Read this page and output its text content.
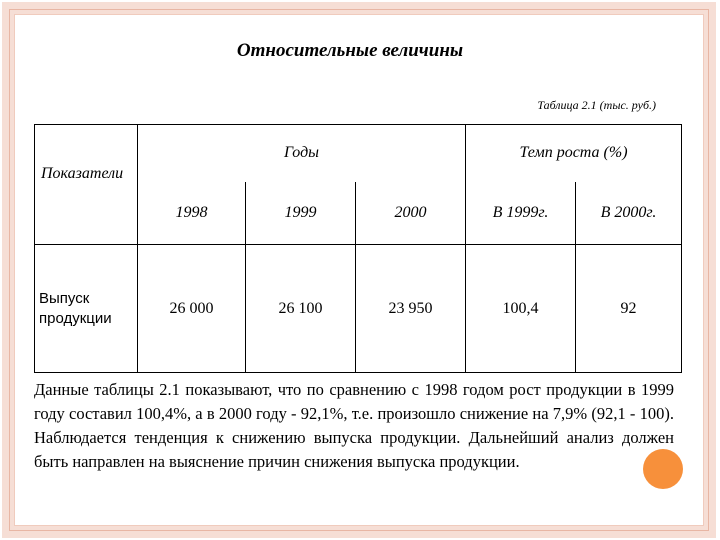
Относительные величины
Таблица 2.1 (тыс. руб.)
Показатели	Годы			Темп роста (%)	
	1998	1999	2000	В 1999г.	В 2000г.

Выпуск
продукции	26 000	26 100	23 950	100,4	92
Данные таблицы 2.1 показывают, что по сравнению с 1998 годом рост продукции в 1999 году составил 100,4%, а в 2000 году - 92,1%, т.е. произошло снижение на 7,9% (92,1 - 100). Наблюдается тенденция к снижению выпуска продукции. Дальнейший анализ должен быть направлен на выяснение причин снижения выпуска продукции.
